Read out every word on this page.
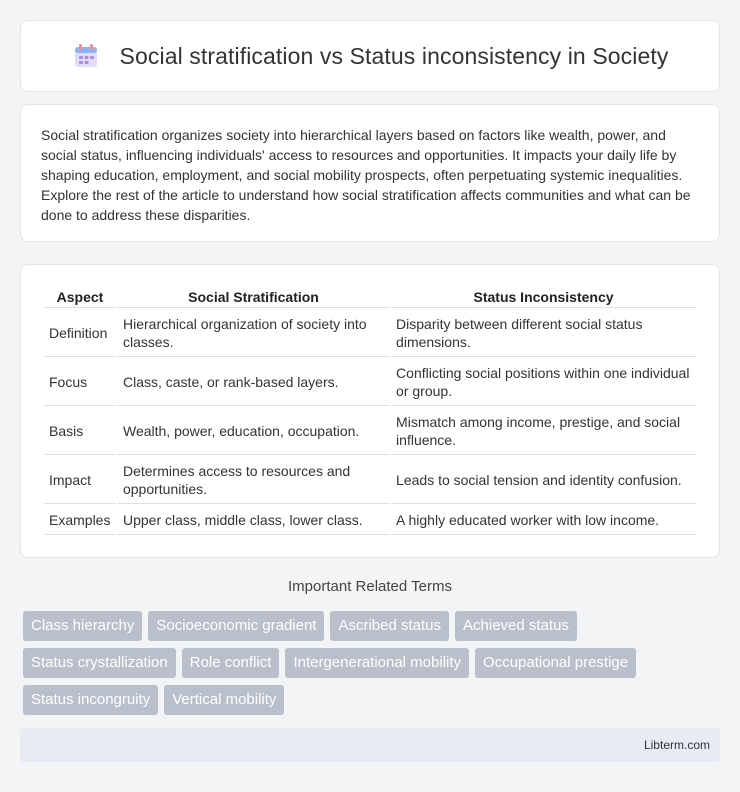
Social stratification vs Status inconsistency in Society

Social stratification organizes society into hierarchical layers based on factors like wealth, power, and social status, influencing individuals' access to resources and opportunities. It impacts your daily life by shaping education, employment, and social mobility prospects, often perpetuating systemic inequalities. Explore the rest of the article to understand how social stratification affects communities and what can be done to address these disparities.

Aspect	Social Stratification	Status Inconsistency
Definition	Hierarchical organization of society into classes.	Disparity between different social status dimensions.
Focus	Class, caste, or rank-based layers.	Conflicting social positions within one individual or group.
Basis	Wealth, power, education, occupation.	Mismatch among income, prestige, and social influence.
Impact	Determines access to resources and opportunities.	Leads to social tension and identity confusion.
Examples	Upper class, middle class, lower class.	A highly educated worker with low income.
Important Related Terms
Class hierarchy	Socioeconomic gradient	Ascribed status	Achieved status
Status crystallization	Role conflict	Intergenerational mobility	Occupational prestige
Status incongruity	Vertical mobility
Libterm.com
